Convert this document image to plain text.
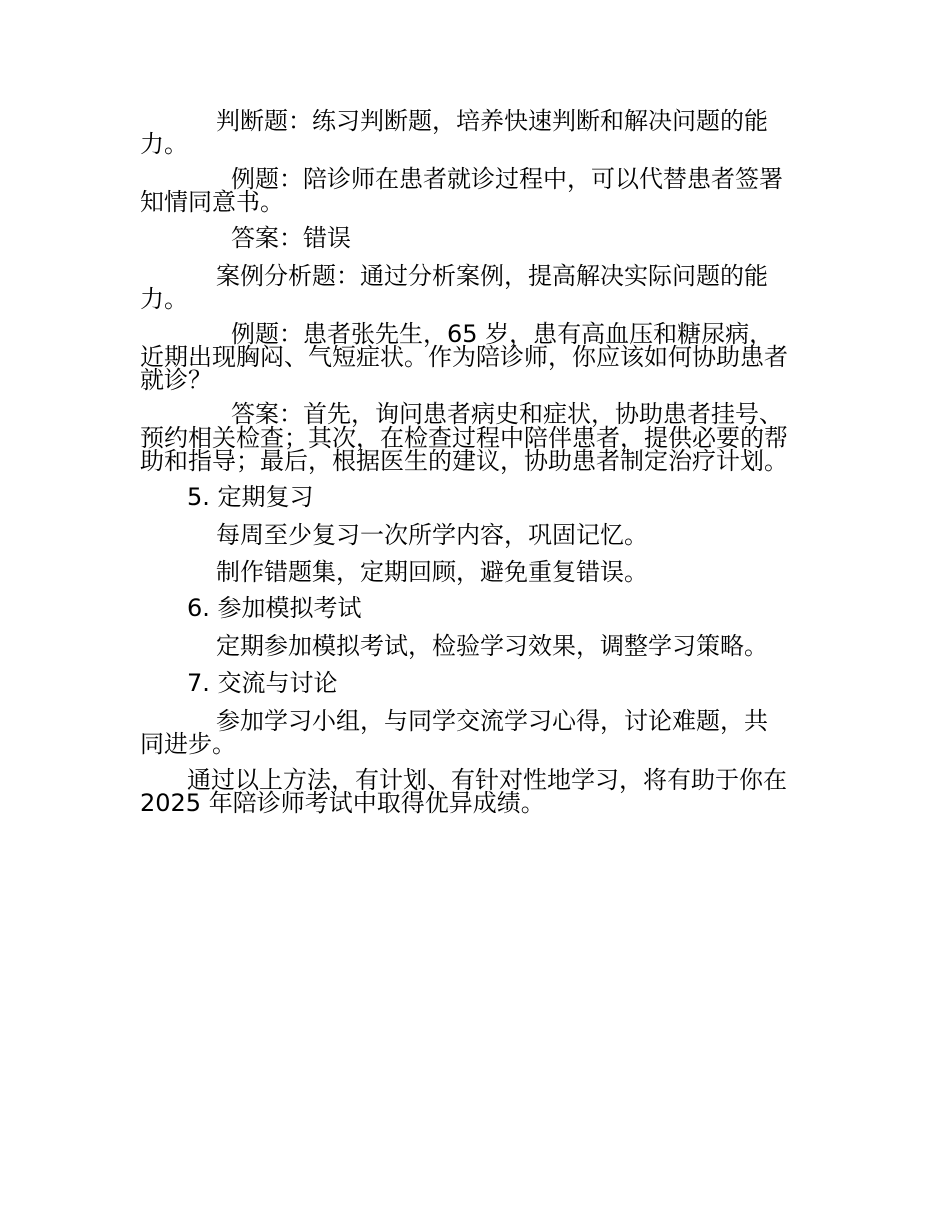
判断题：练习判断题，培养快速判断和解决问题的能

力。

例题：陪诊师在患者就诊过程中，可以代替患者签署

知情同意书。

答案：错误

案例分析题：通过分析案例，提高解决实际问题的能

力。

例题：患者张先生，65 岁，患有高血压和糖尿病，

近期出现胸闷、气短症状。作为陪诊师，你应该如何协助患者

就诊？

答案：首先，询问患者病史和症状，协助患者挂号、

预约相关检查；其次，在检查过程中陪伴患者，提供必要的帮

助和指导；最后，根据医生的建议，协助患者制定治疗计划。

5. 定期复习

每周至少复习一次所学内容，巩固记忆。

制作错题集，定期回顾，避免重复错误。

6. 参加模拟考试

定期参加模拟考试，检验学习效果，调整学习策略。

7. 交流与讨论

参加学习小组，与同学交流学习心得，讨论难题，共

同进步。

通过以上方法，有计划、有针对性地学习，将有助于你在

2025 年陪诊师考试中取得优异成绩。
